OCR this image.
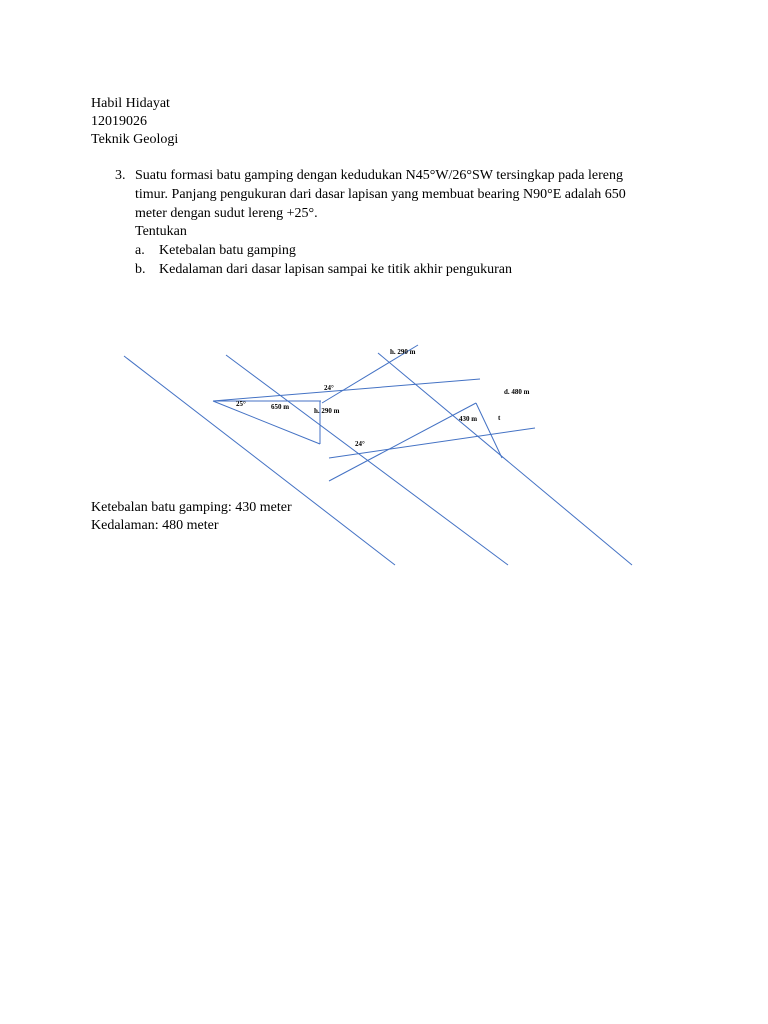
Habil Hidayat
12019026
Teknik Geologi
3. Suatu formasi batu gamping dengan kedudukan N45°W/26°SW tersingkap pada lereng
timur. Panjang pengukuran dari dasar lapisan yang membuat bearing N90°E adalah 650
meter dengan sudut lereng +25°.
Tentukan
a. Ketebalan batu gamping
b. Kedalaman dari dasar lapisan sampai ke titik akhir pengukuran
h. 290 m
24°	d. 480 m
25°	650 m	h. 290 m
430 m	t
24°
Ketebalan batu gamping: 430 meter
Kedalaman: 480 meter
